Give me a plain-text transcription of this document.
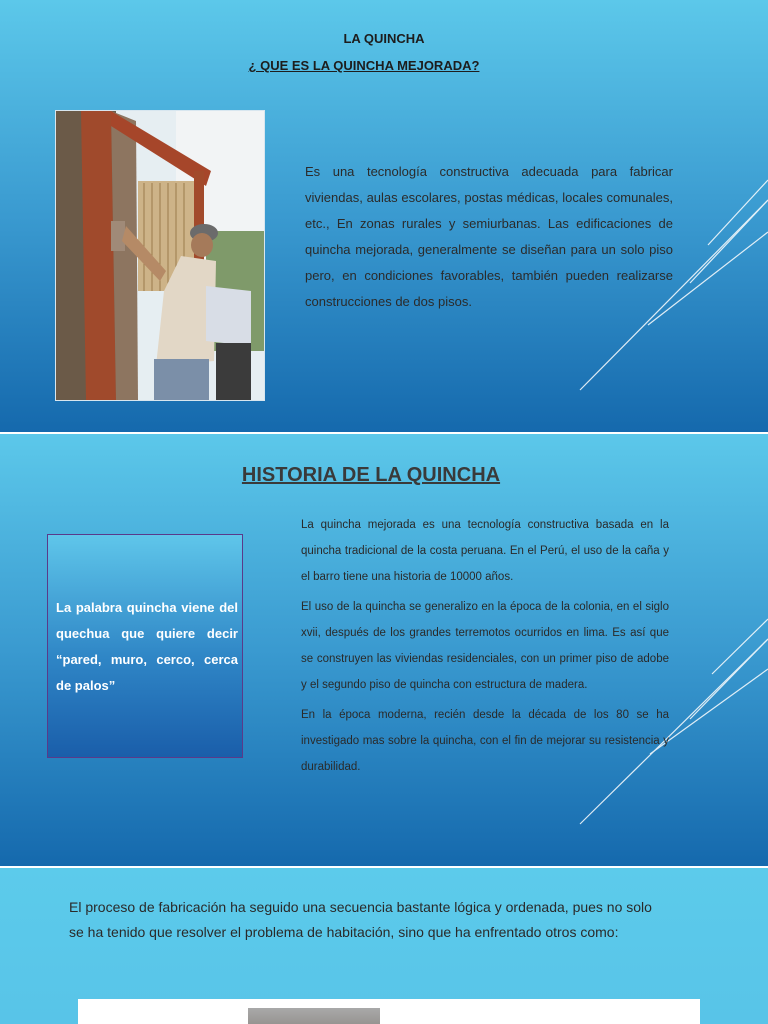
LA QUINCHA
¿ QUE ES LA QUINCHA MEJORADA?
Es una tecnología constructiva adecuada para fabricar viviendas, aulas escolares, postas médicas, locales comunales, etc., En zonas rurales y semiurbanas. Las edificaciones de quincha mejorada, generalmente se diseñan para un solo piso pero, en condiciones favorables, también pueden realizarse construcciones de dos pisos.
HISTORIA DE LA QUINCHA

La palabra quincha viene del quechua que quiere decir “pared, muro, cerco, cerca de palos”

La quincha mejorada es una tecnología constructiva basada en la quincha tradicional de la costa peruana. En el Perú, el uso de la caña y el barro tiene una historia de 10000 años.

El uso de la quincha se generalizo en la época de la colonia, en el siglo xvii, después de los grandes terremotos ocurridos en lima. Es así que se construyen las viviendas residenciales, con un primer piso de adobe y el segundo piso de quincha con estructura de madera.

En la época moderna, recién desde la década de los 80 se ha investigado mas sobre la quincha, con el fin de mejorar su resistencia y durabilidad.

El proceso de fabricación ha seguido una secuencia bastante lógica y ordenada, pues no solo se ha tenido que resolver el problema de habitación, sino que ha enfrentado otros como:
